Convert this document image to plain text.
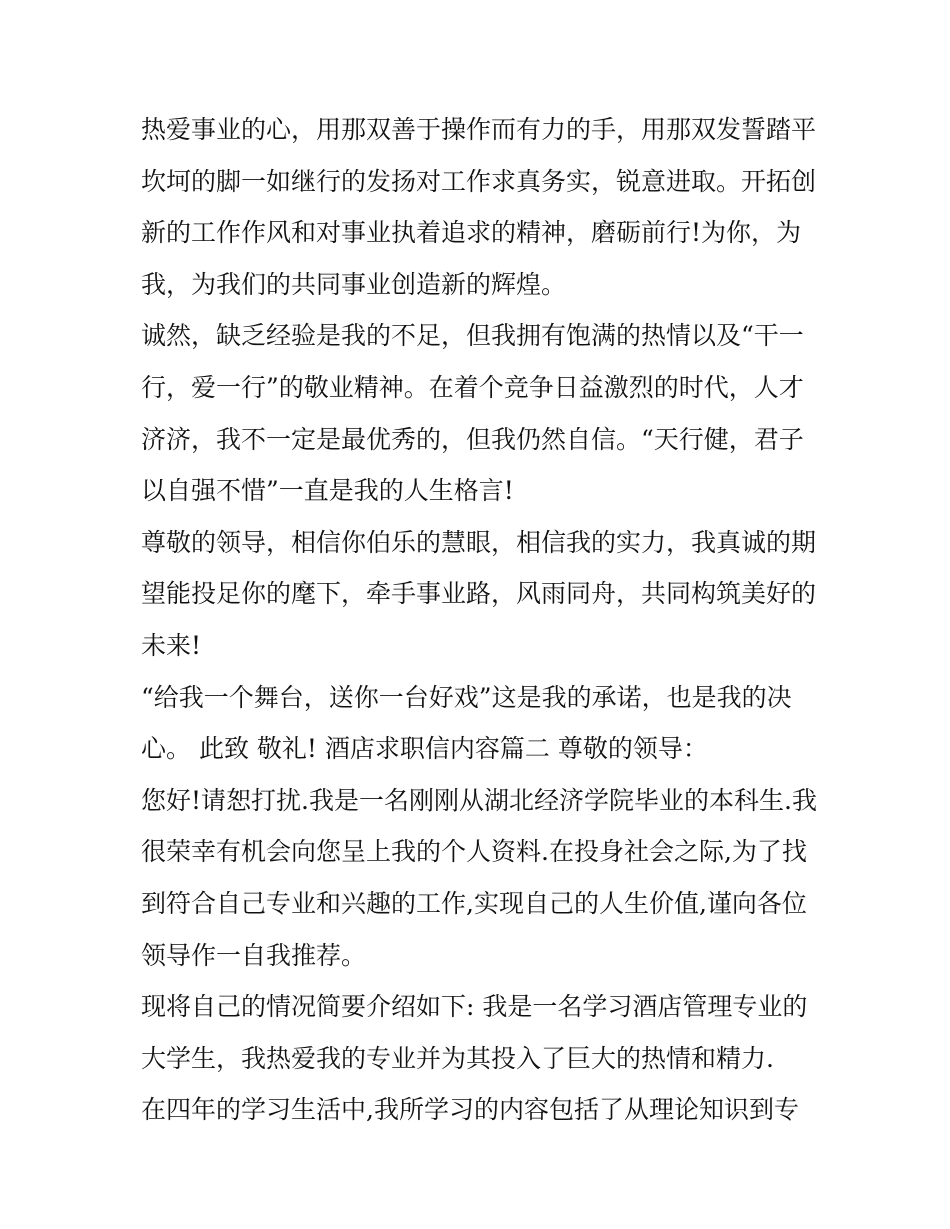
热爱事业的心，用那双善于操作而有力的手，用那双发誓踏平
坎坷的脚一如继行的发扬对工作求真务实，锐意进取。开拓创
新的工作作风和对事业执着追求的精神，磨砺前行!为你，为
我，为我们的共同事业创造新的辉煌。
诚然，缺乏经验是我的不足，但我拥有饱满的热情以及“干一
行，爱一行”的敬业精神。在着个竞争日益激烈的时代，人才
济济，我不一定是最优秀的，但我仍然自信。“天行健，君子
以自强不惜”一直是我的人生格言!
尊敬的领导，相信你伯乐的慧眼，相信我的实力，我真诚的期
望能投足你的麾下，牵手事业路，风雨同舟，共同构筑美好的
未来!
“给我一个舞台，送你一台好戏”这是我的承诺，也是我的决
心。 此致 敬礼! 酒店求职信内容篇二 尊敬的领导：
您好!请恕打扰.我是一名刚刚从湖北经济学院毕业的本科生.我
很荣幸有机会向您呈上我的个人资料.在投身社会之际,为了找
到符合自己专业和兴趣的工作,实现自己的人生价值,谨向各位
领导作一自我推荐。
现将自己的情况简要介绍如下: 我是一名学习酒店管理专业的
大学生，我热爱我的专业并为其投入了巨大的热情和精力.
在四年的学习生活中,我所学习的内容包括了从理论知识到专
